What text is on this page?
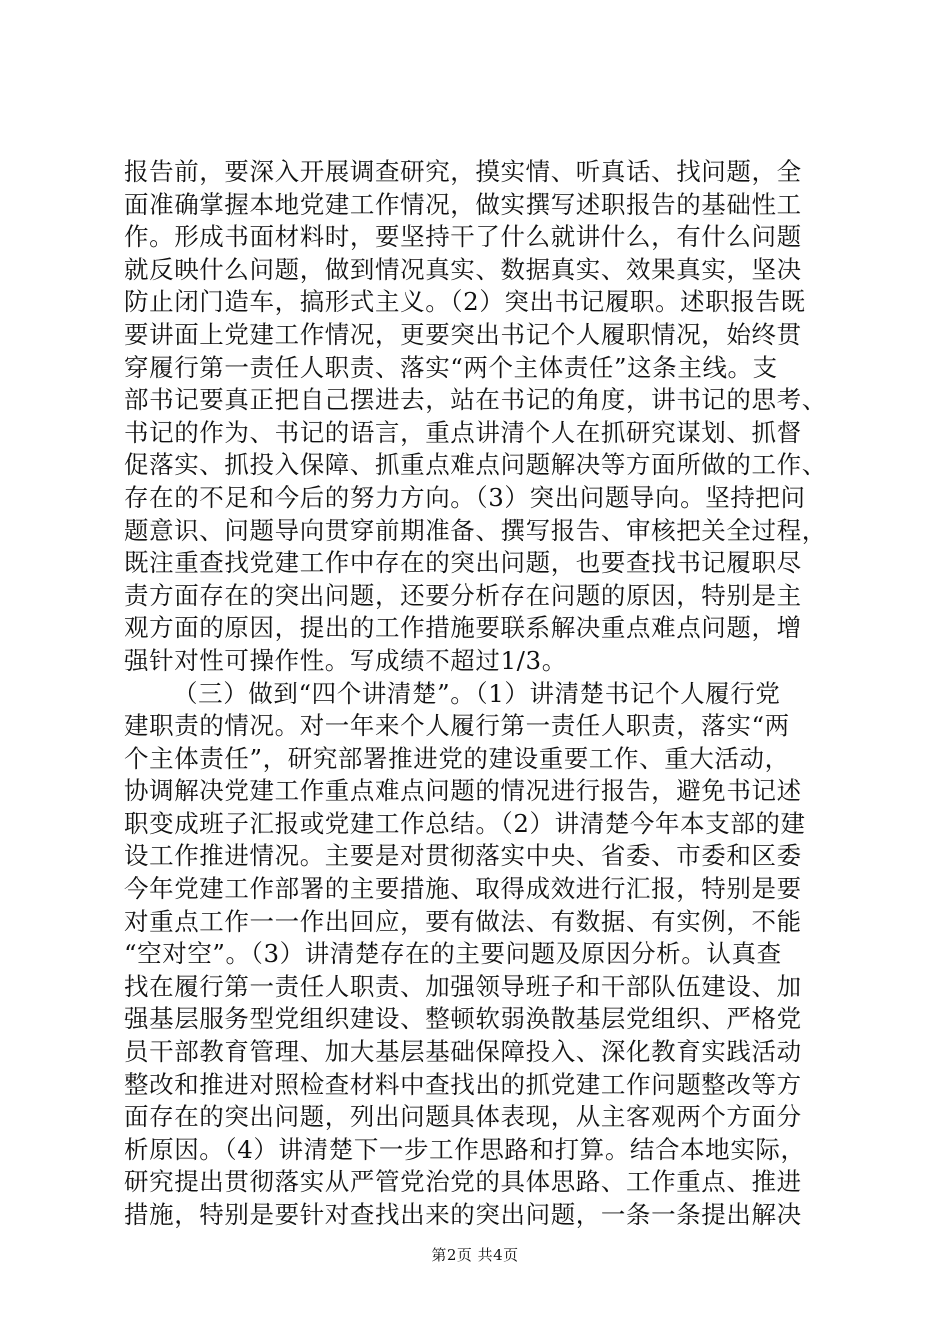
报告前，要深入开展调查研究，摸实情、听真话、找问题，全
面准确掌握本地党建工作情况，做实撰写述职报告的基础性工
作。形成书面材料时，要坚持干了什么就讲什么，有什么问题
就反映什么问题，做到情况真实、数据真实、效果真实，坚决
防止闭门造车，搞形式主义。（2）突出书记履职。述职报告既
要讲面上党建工作情况，更要突出书记个人履职情况，始终贯
穿履行第一责任人职责、落实“两个主体责任”这条主线。支
部书记要真正把自己摆进去，站在书记的角度，讲书记的思考、
书记的作为、书记的语言，重点讲清个人在抓研究谋划、抓督
促落实、抓投入保障、抓重点难点问题解决等方面所做的工作、
存在的不足和今后的努力方向。（3）突出问题导向。坚持把问
题意识、问题导向贯穿前期准备、撰写报告、审核把关全过程，
既注重查找党建工作中存在的突出问题，也要查找书记履职尽
责方面存在的突出问题，还要分析存在问题的原因，特别是主
观方面的原因，提出的工作措施要联系解决重点难点问题，增
强针对性可操作性。写成绩不超过1/3。
（三）做到“四个讲清楚”。（1）讲清楚书记个人履行党
建职责的情况。对一年来个人履行第一责任人职责，落实“两
个主体责任”，研究部署推进党的建设重要工作、重大活动，
协调解决党建工作重点难点问题的情况进行报告，避免书记述
职变成班子汇报或党建工作总结。（2）讲清楚今年本支部的建
设工作推进情况。主要是对贯彻落实中央、省委、市委和区委
今年党建工作部署的主要措施、取得成效进行汇报，特别是要
对重点工作一一作出回应，要有做法、有数据、有实例，不能
“空对空”。（3）讲清楚存在的主要问题及原因分析。认真查
找在履行第一责任人职责、加强领导班子和干部队伍建设、加
强基层服务型党组织建设、整顿软弱涣散基层党组织、严格党
员干部教育管理、加大基层基础保障投入、深化教育实践活动
整改和推进对照检查材料中查找出的抓党建工作问题整改等方
面存在的突出问题，列出问题具体表现，从主客观两个方面分
析原因。（4）讲清楚下一步工作思路和打算。结合本地实际，
研究提出贯彻落实从严管党治党的具体思路、工作重点、推进
措施，特别是要针对查找出来的突出问题，一条一条提出解决
第2页 共4页
